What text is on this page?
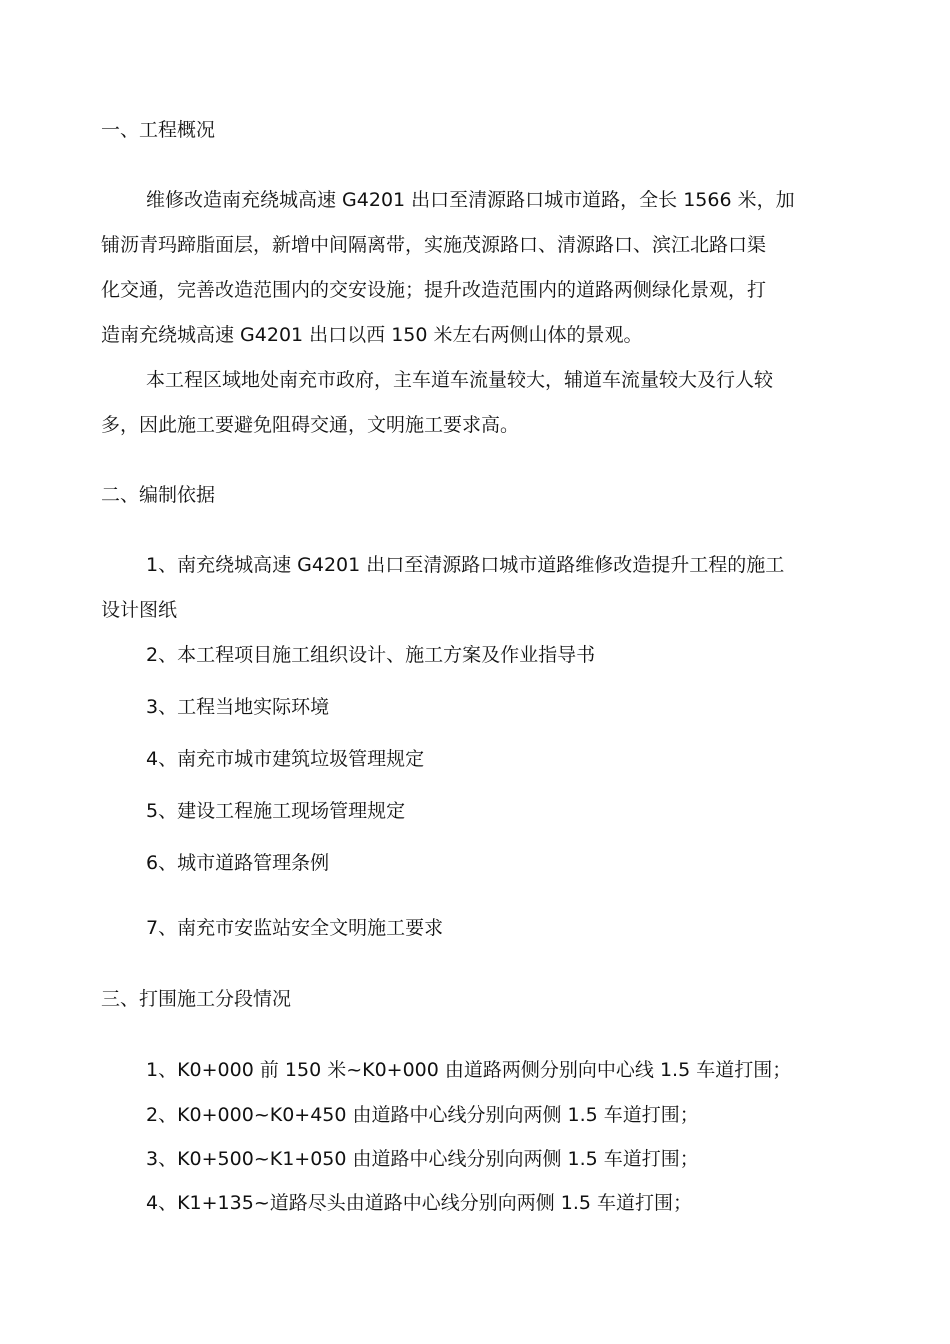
一、工程概况

维修改造南充绕城高速 G4201 出口至清源路口城市道路，全长 1566 米，加

铺沥青玛蹄脂面层，新增中间隔离带，实施茂源路口、清源路口、滨江北路口渠

化交通，完善改造范围内的交安设施；提升改造范围内的道路两侧绿化景观，打

造南充绕城高速 G4201 出口以西 150 米左右两侧山体的景观。

本工程区域地处南充市政府，主车道车流量较大，辅道车流量较大及行人较

多，因此施工要避免阻碍交通，文明施工要求高。

二、编制依据

1、南充绕城高速 G4201 出口至清源路口城市道路维修改造提升工程的施工

设计图纸

2、本工程项目施工组织设计、施工方案及作业指导书

3、工程当地实际环境

4、南充市城市建筑垃圾管理规定

5、建设工程施工现场管理规定

6、城市道路管理条例

7、南充市安监站安全文明施工要求

三、打围施工分段情况

1、K0+000 前 150 米~K0+000 由道路两侧分别向中心线 1.5 车道打围；

2、K0+000~K0+450 由道路中心线分别向两侧 1.5 车道打围；

3、K0+500~K1+050 由道路中心线分别向两侧 1.5 车道打围；

4、K1+135~道路尽头由道路中心线分别向两侧 1.5 车道打围；
